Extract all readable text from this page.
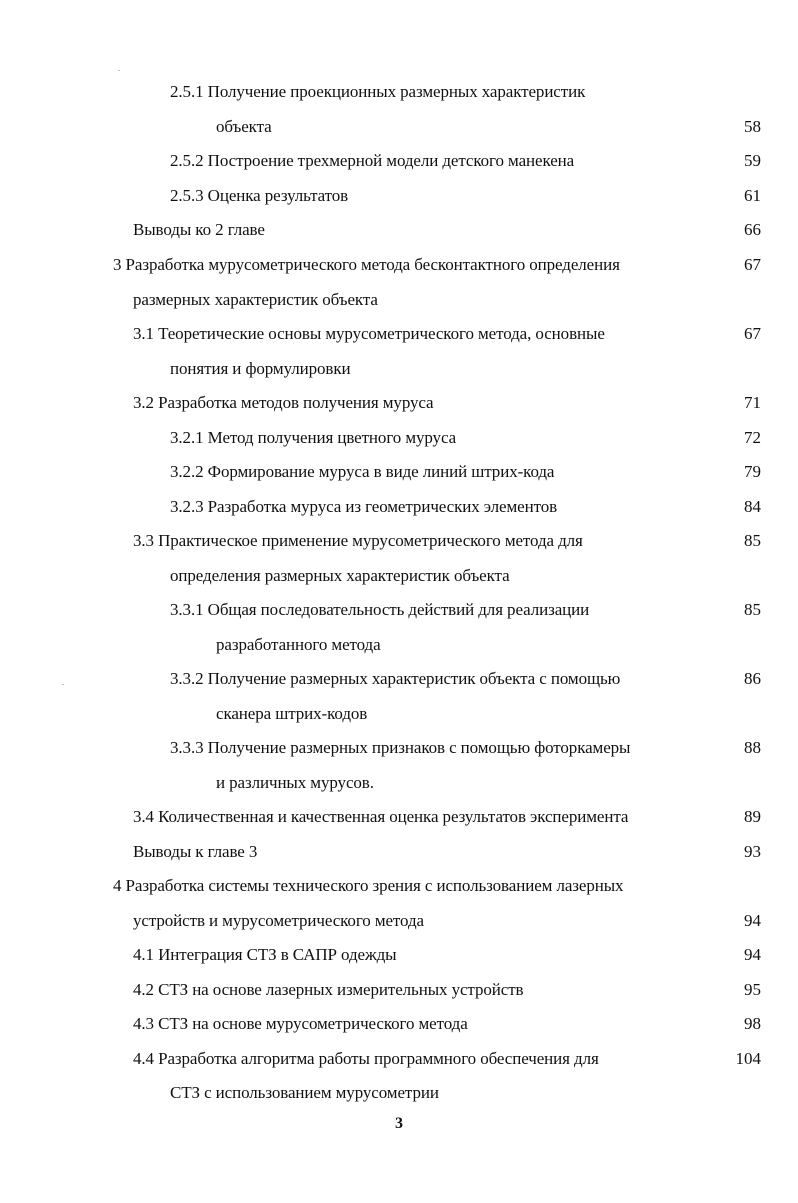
2.5.1 Получение проекционных размерных характеристик
объекта	58
2.5.2 Построение трехмерной модели детского манекена	59
2.5.3 Оценка результатов	61
Выводы ко 2 главе	66
3 Разработка мурусометрического метода бесконтактного определения	67
размерных характеристик объекта
3.1 Теоретические основы мурусометрического метода, основные	67
понятия и формулировки
3.2 Разработка методов получения муруса	71
3.2.1 Метод получения цветного муруса	72
3.2.2 Формирование муруса в виде линий штрих-кода	79
3.2.3 Разработка муруса из геометрических элементов	84
3.3 Практическое применение мурусометрического метода для	85
определения размерных характеристик объекта
3.3.1 Общая последовательность действий для реализации	85
разработанного метода
3.3.2 Получение размерных характеристик объекта с помощью	86
сканера штрих-кодов
3.3.3 Получение размерных признаков с помощью фоторкамеры	88
и различных мурусов.
3.4 Количественная и качественная оценка результатов эксперимента	89
Выводы к главе 3	93
4 Разработка системы технического зрения с использованием лазерных
устройств и мурусометрического метода	94
4.1 Интеграция СТЗ в САПР одежды	94
4.2 СТЗ на основе лазерных измерительных устройств	95
4.3 СТЗ на основе мурусометрического метода	98
4.4 Разработка алгоритма работы программного обеспечения для	104
СТЗ с использованием мурусометрии
3
